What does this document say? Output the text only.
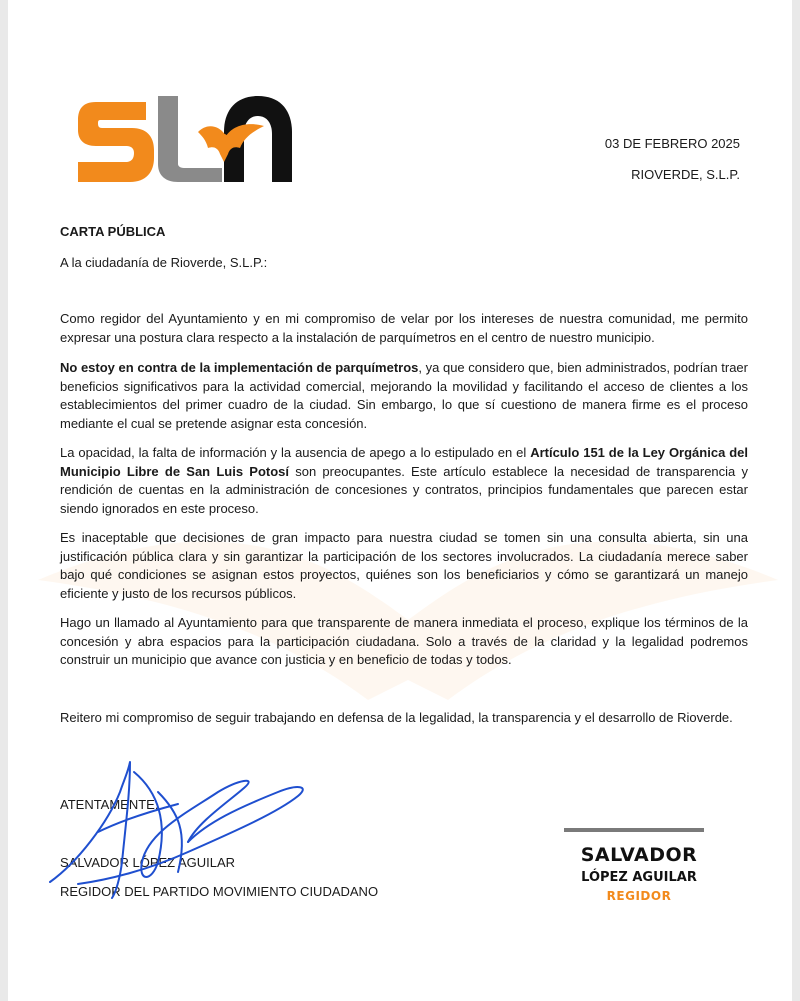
03 DE FEBRERO 2025
RIOVERDE, S.L.P.
CARTA PÚBLICA
A la ciudadanía de Rioverde, S.L.P.:

Como regidor del Ayuntamiento y en mi compromiso de velar por los intereses de nuestra comunidad, me permito expresar una postura clara respecto a la instalación de parquímetros en el centro de nuestro municipio.

No estoy en contra de la implementación de parquímetros, ya que considero que, bien administrados, podrían traer beneficios significativos para la actividad comercial, mejorando la movilidad y facilitando el acceso de clientes a los establecimientos del primer cuadro de la ciudad. Sin embargo, lo que sí cuestiono de manera firme es el proceso mediante el cual se pretende asignar esta concesión.

La opacidad, la falta de información y la ausencia de apego a lo estipulado en el Artículo 151 de la Ley Orgánica del Municipio Libre de San Luis Potosí son preocupantes. Este artículo establece la necesidad de transparencia y rendición de cuentas en la administración de concesiones y contratos, principios fundamentales que parecen estar siendo ignorados en este proceso.

Es inaceptable que decisiones de gran impacto para nuestra ciudad se tomen sin una consulta abierta, sin una justificación pública clara y sin garantizar la participación de los sectores involucrados. La ciudadanía merece saber bajo qué condiciones se asignan estos proyectos, quiénes son los beneficiarios y cómo se garantizará un manejo eficiente y justo de los recursos públicos.

Hago un llamado al Ayuntamiento para que transparente de manera inmediata el proceso, explique los términos de la concesión y abra espacios para la participación ciudadana. Solo a través de la claridad y la legalidad podremos construir un municipio que avance con justicia y en beneficio de todas y todos.

Reitero mi compromiso de seguir trabajando en defensa de la legalidad, la transparencia y el desarrollo de Rioverde.

ATENTAMENTE,
SALVADOR LÓPEZ AGUILAR
REGIDOR DEL PARTIDO MOVIMIENTO CIUDADANO
SALVADOR
LÓPEZ AGUILAR
REGIDOR
